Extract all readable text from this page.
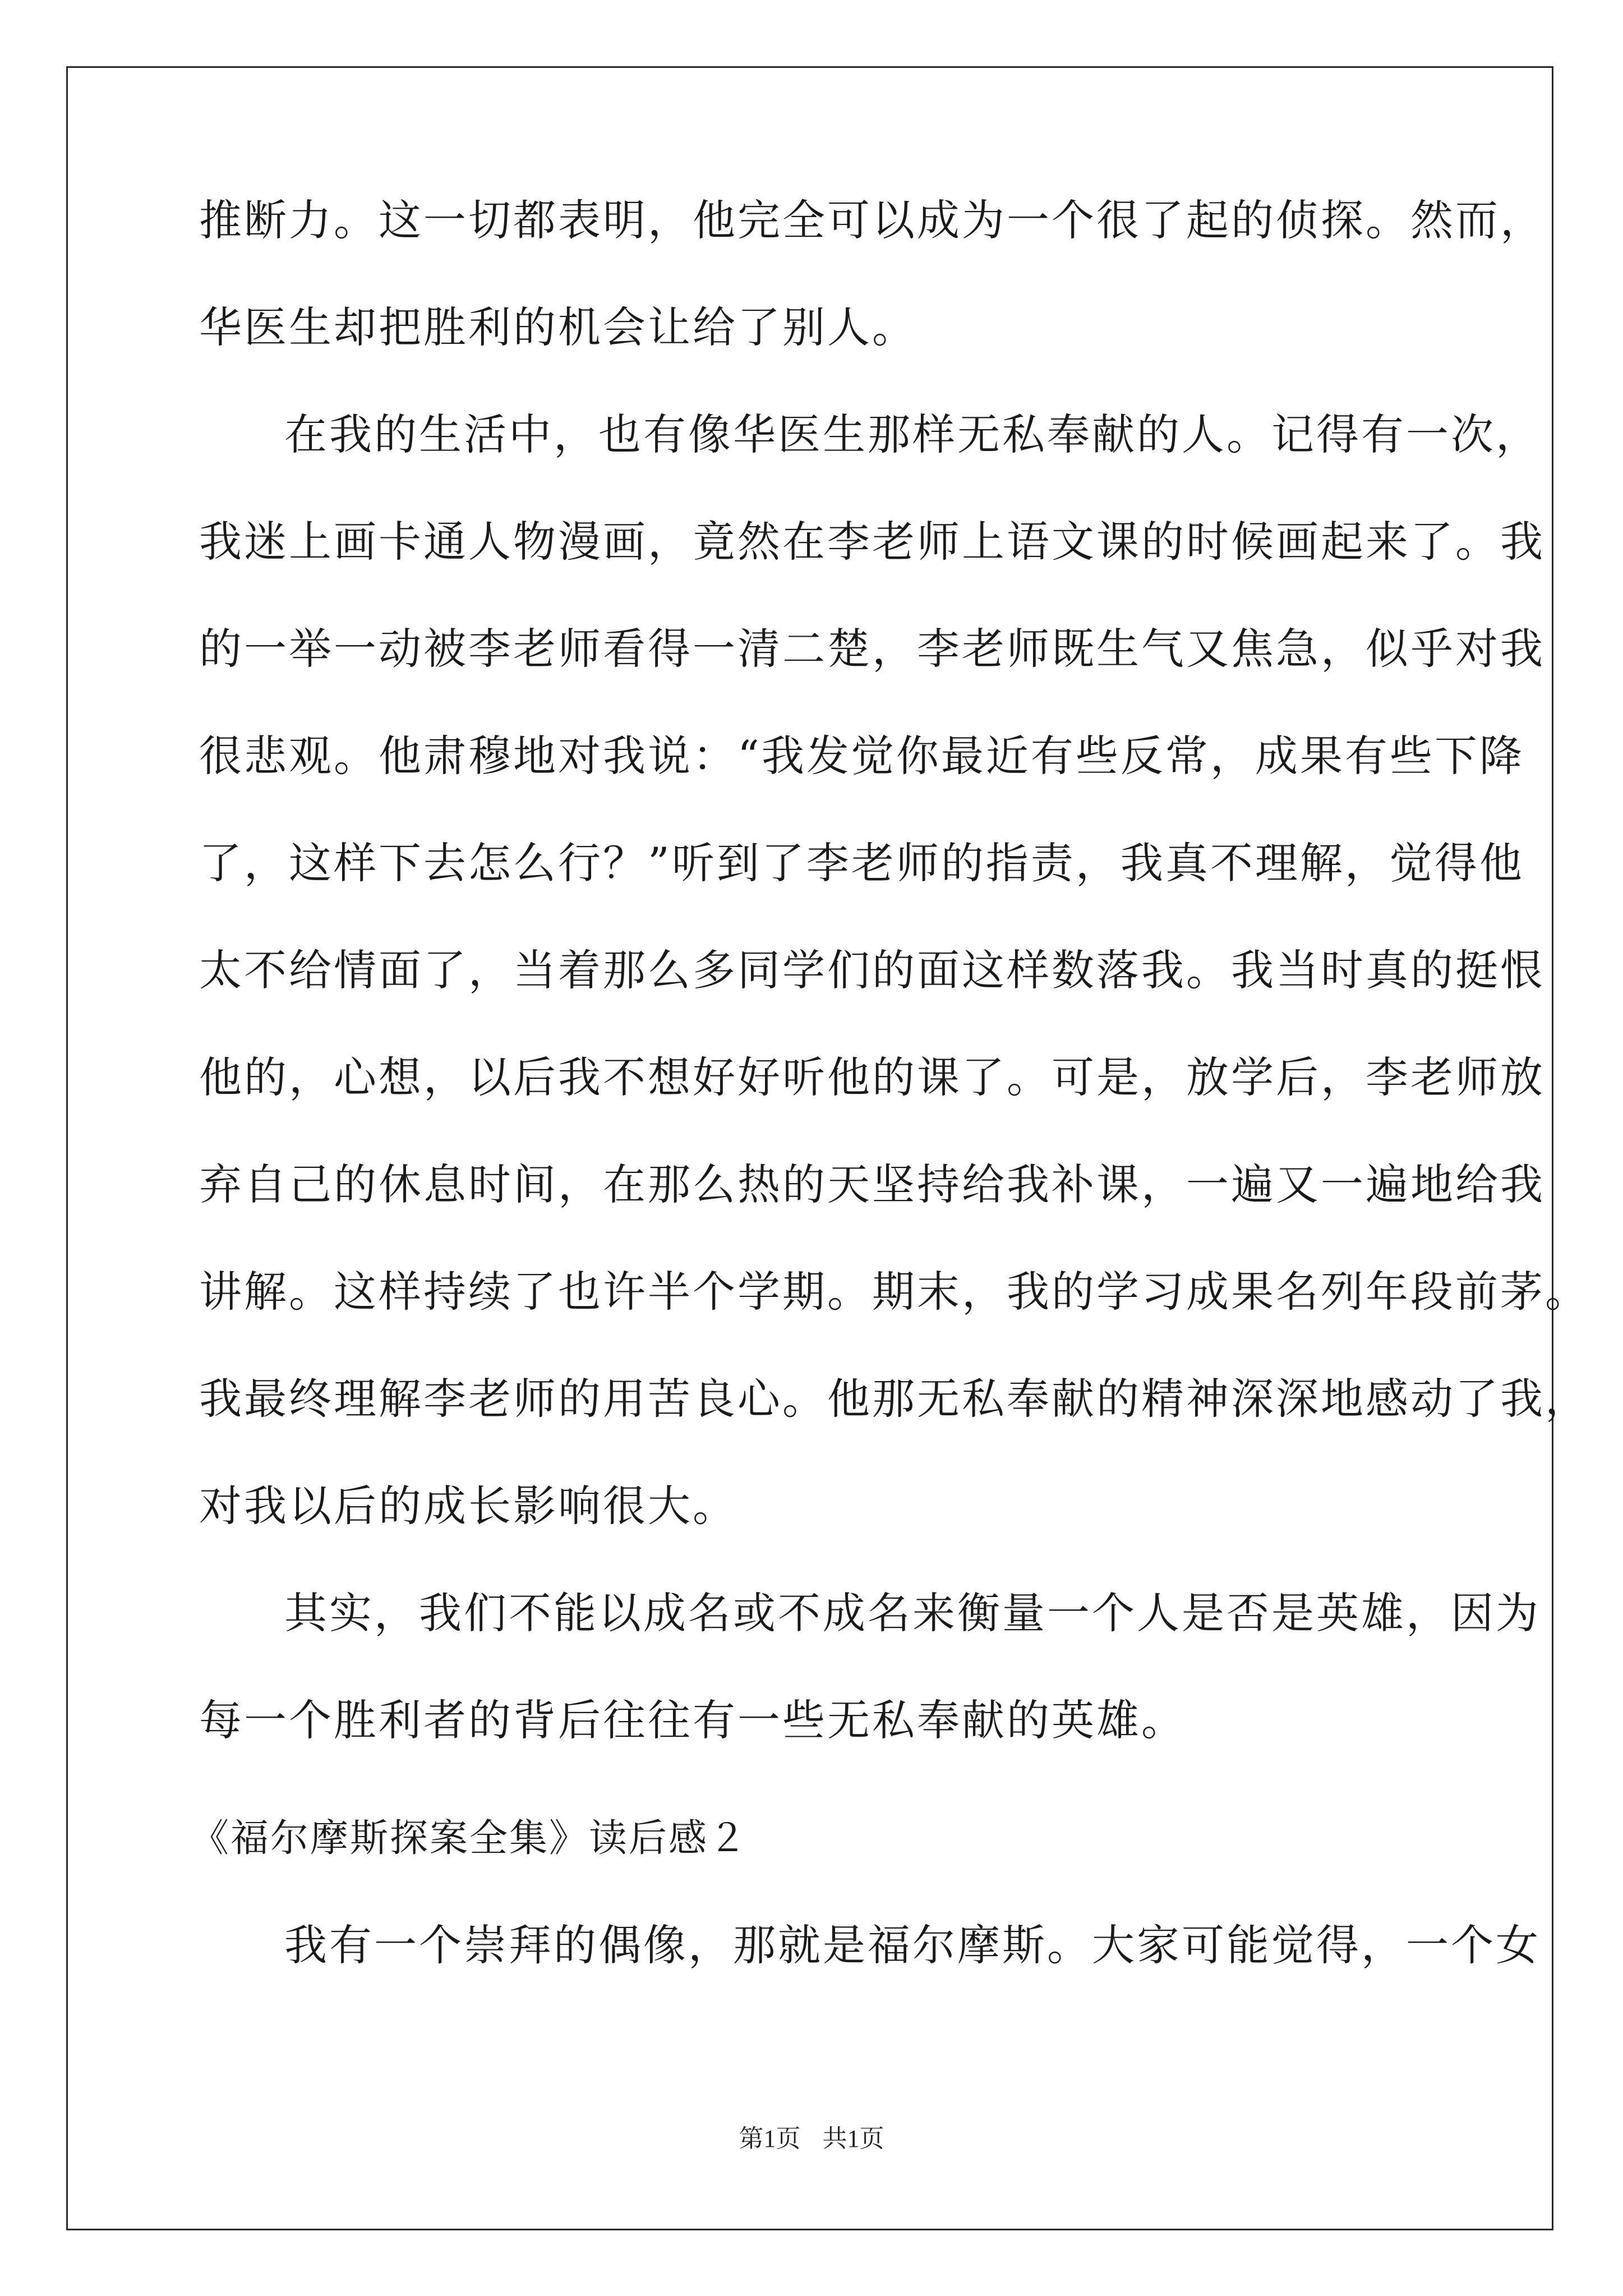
推断力。这一切都表明，他完全可以成为一个很了起的侦探。然而，
华医生却把胜利的机会让给了别人。
在我的生活中，也有像华医生那样无私奉献的人。记得有一次，
我迷上画卡通人物漫画，竟然在李老师上语文课的时候画起来了。我
的一举一动被李老师看得一清二楚，李老师既生气又焦急，似乎对我
很悲观。他肃穆地对我说：“我发觉你最近有些反常，成果有些下降
了，这样下去怎么行？”听到了李老师的指责，我真不理解，觉得他
太不给情面了，当着那么多同学们的面这样数落我。我当时真的挺恨
他的，心想，以后我不想好好听他的课了。可是，放学后，李老师放
弃自己的休息时间，在那么热的天坚持给我补课，一遍又一遍地给我
讲解。这样持续了也许半个学期。期末，我的学习成果名列年段前茅。
我最终理解李老师的用苦良心。他那无私奉献的精神深深地感动了我，
对我以后的成长影响很大。
其实，我们不能以成名或不成名来衡量一个人是否是英雄，因为
每一个胜利者的背后往往有一些无私奉献的英雄。
《福尔摩斯探案全集》读后感２
我有一个崇拜的偶像，那就是福尔摩斯。大家可能觉得，一个女
第1页 共1页
